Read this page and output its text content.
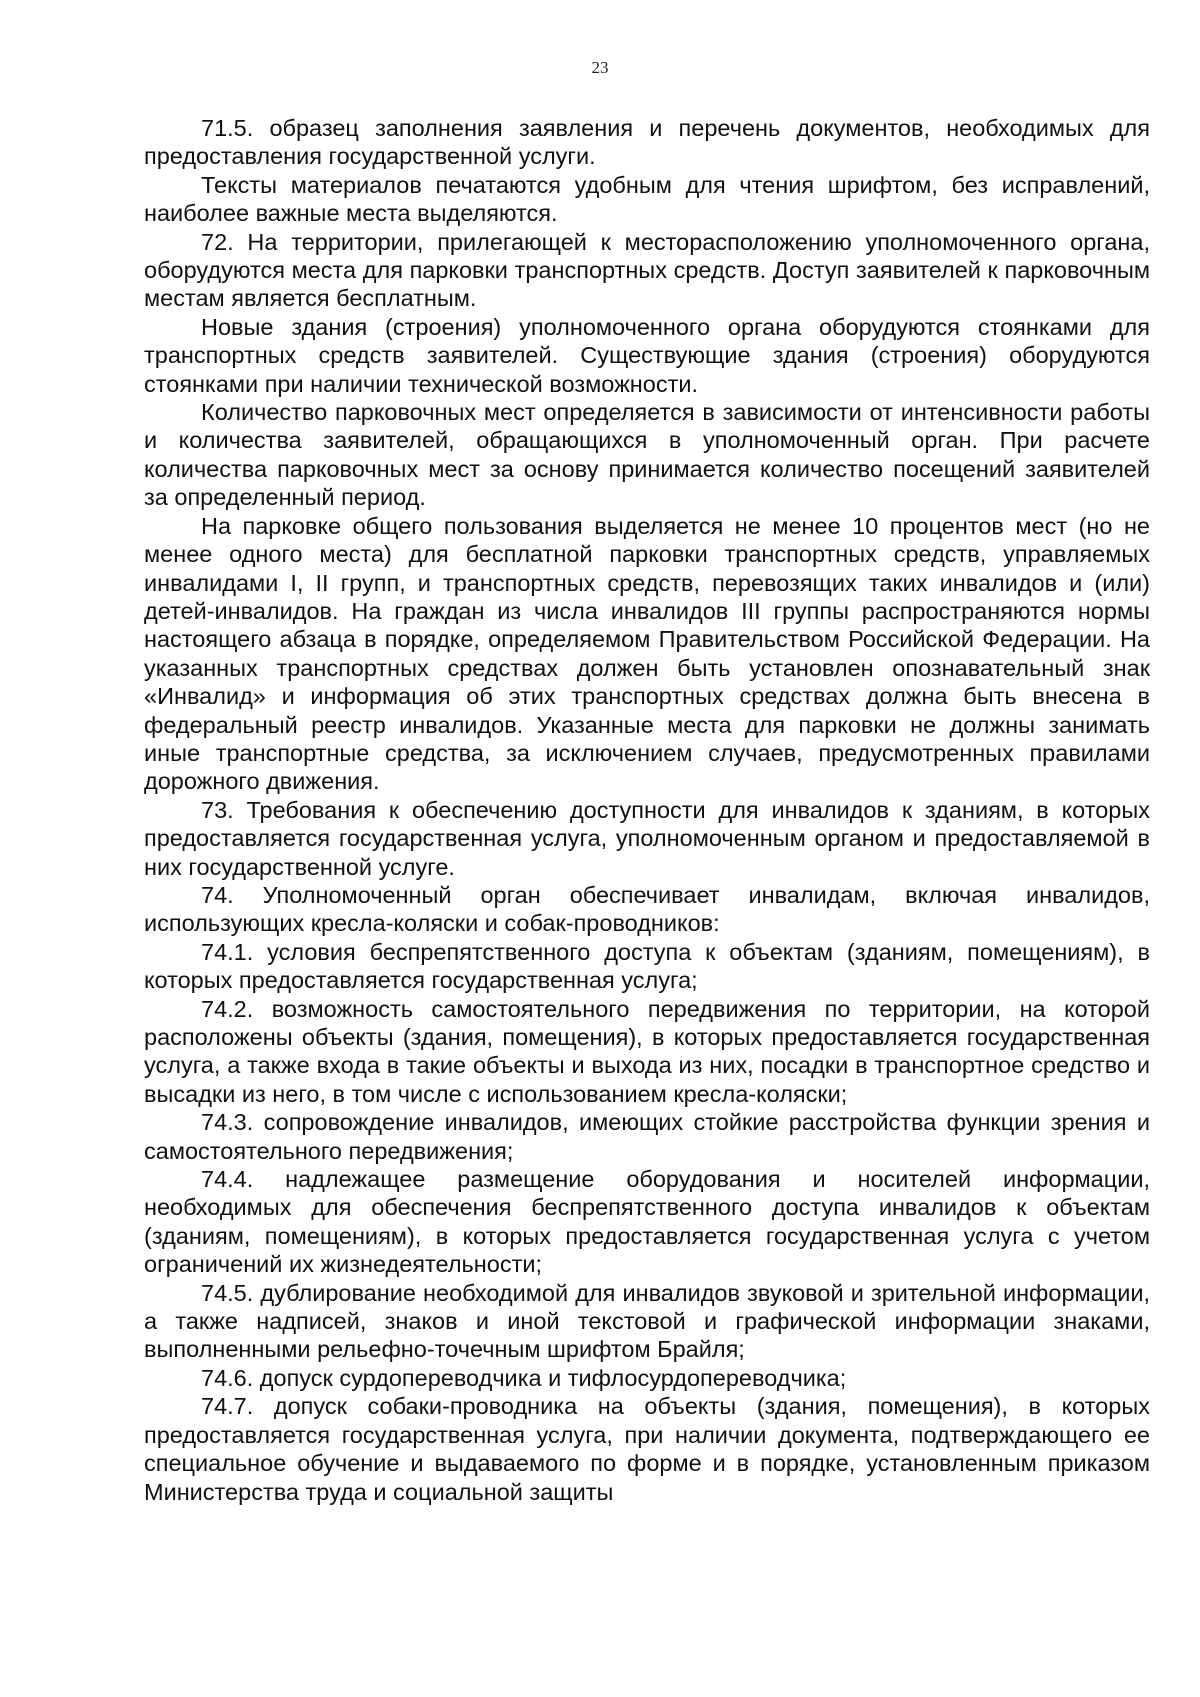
23

71.5. образец заполнения заявления и перечень документов, необходимых для предоставления государственной услуги.

Тексты материалов печатаются удобным для чтения шрифтом, без исправлений, наиболее важные места выделяются.

72. На территории, прилегающей к месторасположению уполномоченного органа, оборудуются места для парковки транспортных средств. Доступ заявителей к парковочным местам является бесплатным.

Новые здания (строения) уполномоченного органа оборудуются стоянками для транспортных средств заявителей. Существующие здания (строения) оборудуются стоянками при наличии технической возможности.

Количество парковочных мест определяется в зависимости от интенсивности работы и количества заявителей, обращающихся в уполномоченный орган. При расчете количества парковочных мест за основу принимается количество посещений заявителей за определенный период.

На парковке общего пользования выделяется не менее 10 процентов мест (но не менее одного места) для бесплатной парковки транспортных средств, управляемых инвалидами I, II групп, и транспортных средств, перевозящих таких инвалидов и (или) детей-инвалидов. На граждан из числа инвалидов III группы распространяются нормы настоящего абзаца в порядке, определяемом Правительством Российской Федерации. На указанных транспортных средствах должен быть установлен опознавательный знак «Инвалид» и информация об этих транспортных средствах должна быть внесена в федеральный реестр инвалидов. Указанные места для парковки не должны занимать иные транспортные средства, за исключением случаев, предусмотренных правилами дорожного движения.

73. Требования к обеспечению доступности для инвалидов к зданиям, в которых предоставляется государственная услуга, уполномоченным органом и предоставляемой в них государственной услуге.

74. Уполномоченный орган обеспечивает инвалидам, включая инвалидов, использующих кресла-коляски и собак-проводников:

74.1. условия беспрепятственного доступа к объектам (зданиям, помещениям), в которых предоставляется государственная услуга;

74.2. возможность самостоятельного передвижения по территории, на которой расположены объекты (здания, помещения), в которых предоставляется государственная услуга, а также входа в такие объекты и выхода из них, посадки в транспортное средство и высадки из него, в том числе с использованием кресла-коляски;

74.3. сопровождение инвалидов, имеющих стойкие расстройства функции зрения и самостоятельного передвижения;

74.4. надлежащее размещение оборудования и носителей информации, необходимых для обеспечения беспрепятственного доступа инвалидов к объектам (зданиям, помещениям), в которых предоставляется государственная услуга с учетом ограничений их жизнедеятельности;

74.5. дублирование необходимой для инвалидов звуковой и зрительной информации, а также надписей, знаков и иной текстовой и графической информации знаками, выполненными рельефно-точечным шрифтом Брайля;

74.6. допуск сурдопереводчика и тифлосурдопереводчика;

74.7. допуск собаки-проводника на объекты (здания, помещения), в которых предоставляется государственная услуга, при наличии документа, подтверждающего ее специальное обучение и выдаваемого по форме и в порядке, установленным приказом Министерства труда и социальной защиты
